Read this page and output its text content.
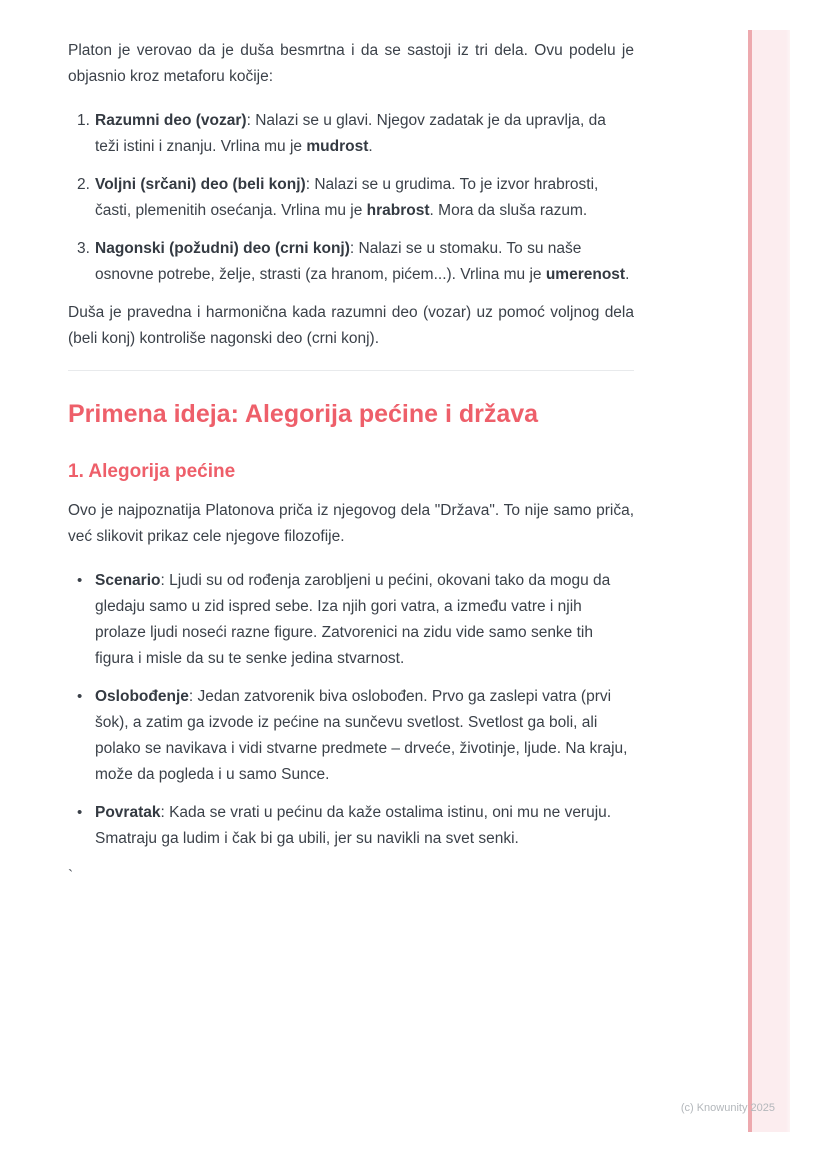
Platon je verovao da je duša besmrtna i da se sastoji iz tri dela. Ovu podelu je objasnio kroz metaforu kočije:

1. Razumni deo (vozar): Nalazi se u glavi. Njegov zadatak je da upravlja, da teži istini i znanju. Vrlina mu je mudrost.
2. Voljni (srčani) deo (beli konj): Nalazi se u grudima. To je izvor hrabrosti, časti, plemenitih osećanja. Vrlina mu je hrabrost. Mora da sluša razum.
3. Nagonski (požudni) deo (crni konj): Nalazi se u stomaku. To su naše osnovne potrebe, želje, strasti (za hranom, pićem...). Vrlina mu je umerenost.

Duša je pravedna i harmonična kada razumni deo (vozar) uz pomoć voljnog dela (beli konj) kontroliše nagonski deo (crni konj).

Primena ideja: Alegorija pećine i država
1. Alegorija pećine

Ovo je najpoznatija Platonova priča iz njegovog dela "Država". To nije samo priča, već slikovit prikaz cele njegove filozofije.

• Scenario: Ljudi su od rođenja zarobljeni u pećini, okovani tako da mogu da gledaju samo u zid ispred sebe. Iza njih gori vatra, a između vatre i njih prolaze ljudi noseći razne figure. Zatvorenici na zidu vide samo senke tih figura i misle da su te senke jedina stvarnost.
• Oslobođenje: Jedan zatvorenik biva oslobođen. Prvo ga zaslepi vatra (prvi šok), a zatim ga izvode iz pećine na sunčevu svetlost. Svetlost ga boli, ali polako se navikava i vidi stvarne predmete – drveće, životinje, ljude. Na kraju, može da pogleda i u samo Sunce.
• Povratak: Kada se vrati u pećinu da kaže ostalima istinu, oni mu ne veruju. Smatraju ga ludim i čak bi ga ubili, jer su navikli na svet senki.

`

(c) Knowunity 2025
